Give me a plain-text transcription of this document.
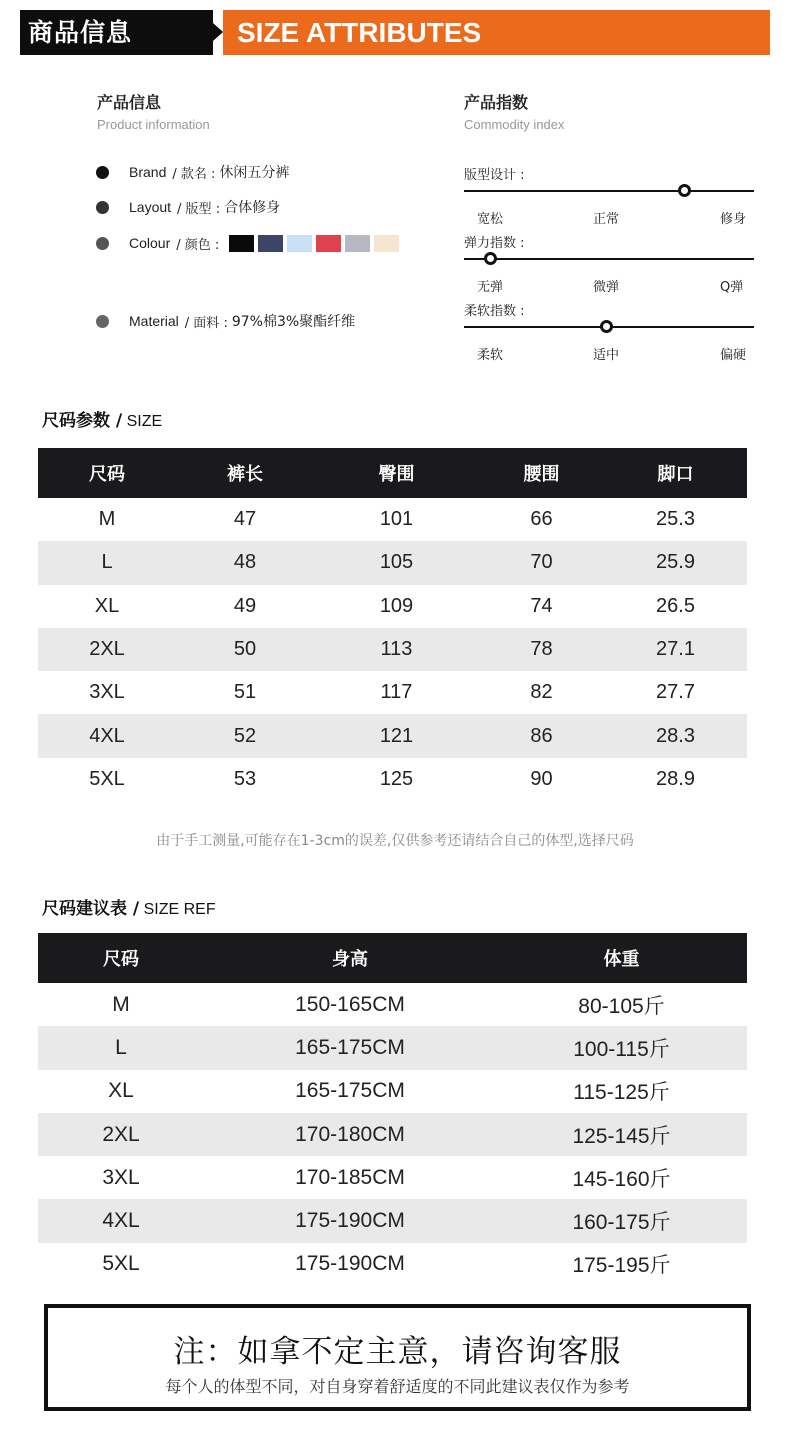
商品信息	SIZE ATTRIBUTES
产品信息
Product information
Brand / 款名 : 休闲五分裤
Layout / 版型 : 合体修身
Colour / 颜色 :
Material / 面料 : 97%棉3%聚酯纤维
产品指数
Commodity index
版型设计 :
宽松	正常	修身
弹力指数 :
无弹	微弹	Q弹
柔软指数 :
柔软	适中	偏硬
尺码参数 / SIZE
尺码	裤长	臀围	腰围	脚口
M	47	101	66	25.3
L	48	105	70	25.9
XL	49	109	74	26.5
2XL	50	113	78	27.1
3XL	51	117	82	27.7
4XL	52	121	86	28.3
5XL	53	125	90	28.9
由于手工测量,可能存在1-3cm的误差,仅供参考还请结合自己的体型,选择尺码
尺码建议表 / SIZE REF
尺码	身高	体重
M	150-165CM	80-105斤
L	165-175CM	100-115斤
XL	165-175CM	115-125斤
2XL	170-180CM	125-145斤
3XL	170-185CM	145-160斤
4XL	175-190CM	160-175斤
5XL	175-190CM	175-195斤
注：如拿不定主意，请咨询客服
每个人的体型不同，对自身穿着舒适度的不同此建议表仅作为参考
